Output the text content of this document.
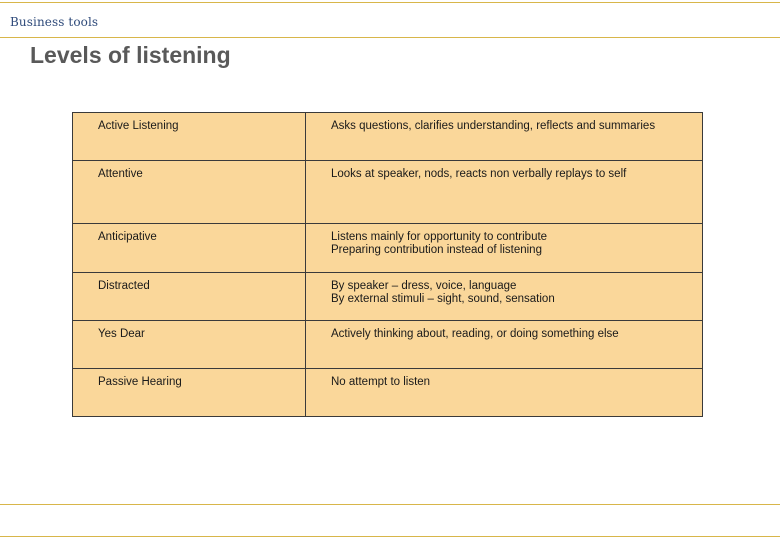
Business tools
Levels of listening
Active Listening	Asks questions, clarifies understanding, reflects and summaries

Attentive	Looks at speaker, nods, reacts non verbally replays to self

Anticipative	Listens mainly for opportunity to contribute
Preparing contribution instead of listening

Distracted	By speaker – dress, voice, language
By external stimuli – sight, sound, sensation

Yes Dear	Actively thinking about, reading, or doing something else

Passive Hearing	No attempt to listen
